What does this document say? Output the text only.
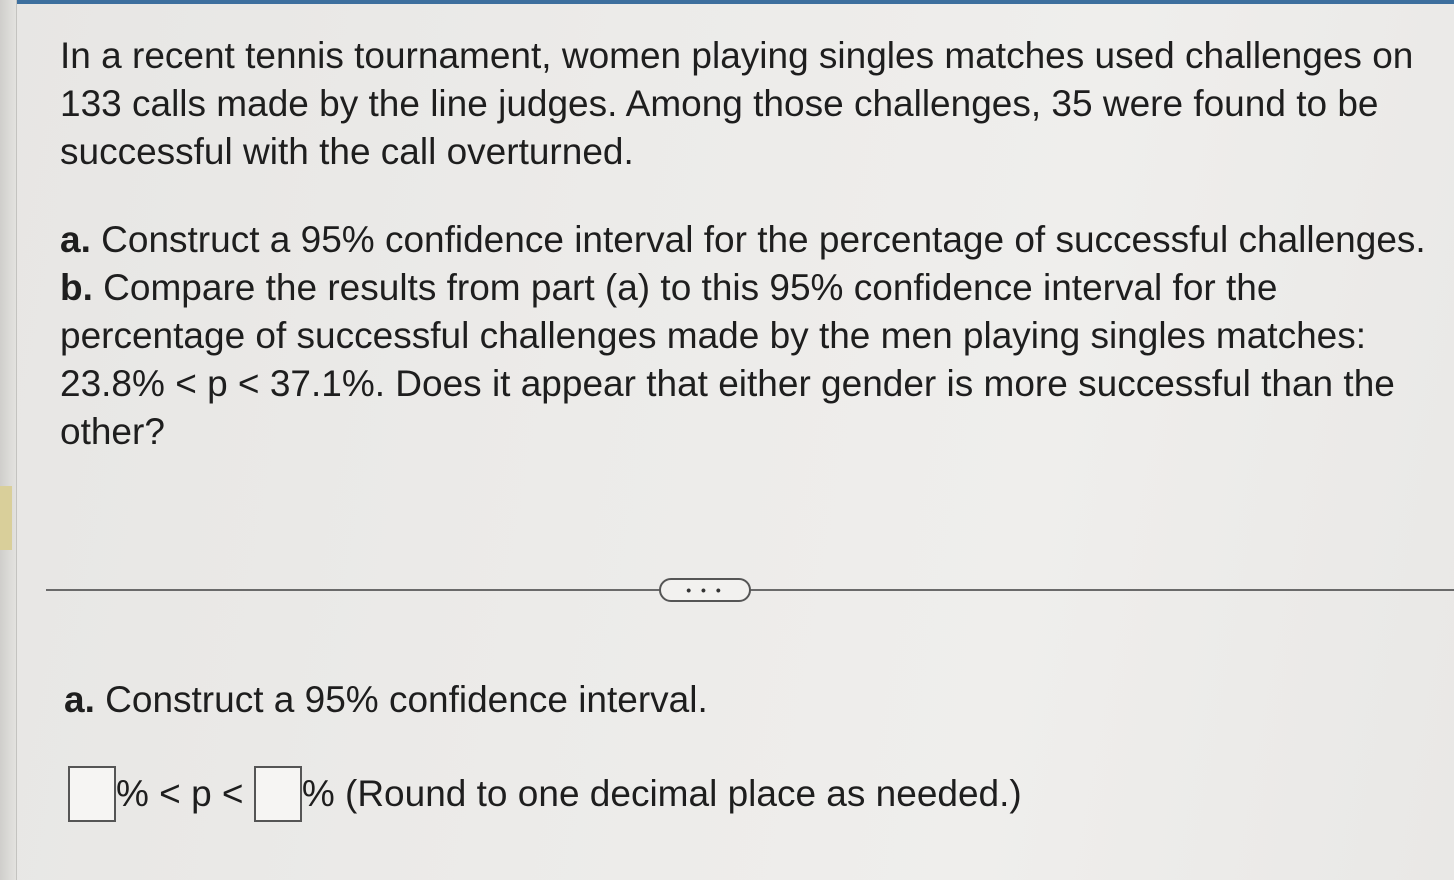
In a recent tennis tournament, women playing singles matches used challenges on 133 calls made by the line judges. Among those challenges, 35 were found to be successful with the call overturned.

a. Construct a 95% confidence interval for the percentage of successful challenges.

b. Compare the results from part (a) to this 95% confidence interval for the percentage of successful challenges made by the men playing singles matches: 23.8% < p < 37.1%. Does it appear that either gender is more successful than the other?

• • •

a. Construct a 95% confidence interval.

% < p < % (Round to one decimal place as needed.)
